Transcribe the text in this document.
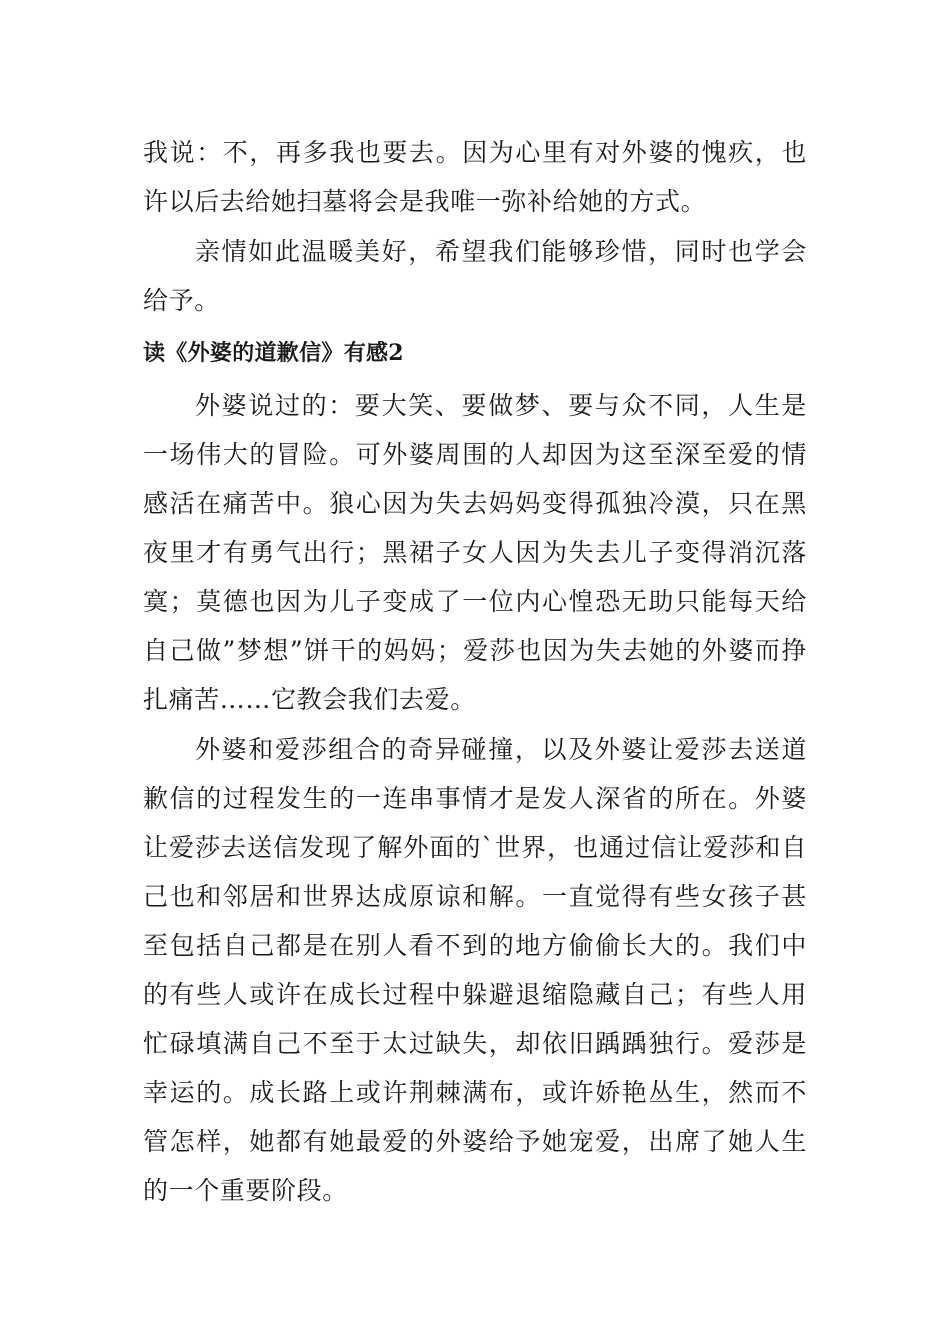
我说：不，再多我也要去。因为心里有对外婆的愧疚，也许以后去给她扫墓将会是我唯一弥补给她的方式。

亲情如此温暖美好，希望我们能够珍惜，同时也学会给予。

读《外婆的道歉信》有感2

外婆说过的：要大笑、要做梦、要与众不同，人生是一场伟大的冒险。可外婆周围的人却因为这至深至爱的情感活在痛苦中。狼心因为失去妈妈变得孤独冷漠，只在黑夜里才有勇气出行；黑裙子女人因为失去儿子变得消沉落寞；莫德也因为儿子变成了一位内心惶恐无助只能每天给自己做”梦想”饼干的妈妈；爱莎也因为失去她的外婆而挣扎痛苦……它教会我们去爱。

外婆和爱莎组合的奇异碰撞，以及外婆让爱莎去送道歉信的过程发生的一连串事情才是发人深省的所在。外婆让爱莎去送信发现了解外面的`世界，也通过信让爱莎和自己也和邻居和世界达成原谅和解。一直觉得有些女孩子甚至包括自己都是在别人看不到的地方偷偷长大的。我们中的有些人或许在成长过程中躲避退缩隐藏自己；有些人用忙碌填满自己不至于太过缺失，却依旧踽踽独行。爱莎是幸运的。成长路上或许荆棘满布，或许娇艳丛生，然而不管怎样，她都有她最爱的外婆给予她宠爱，出席了她人生的一个重要阶段。
